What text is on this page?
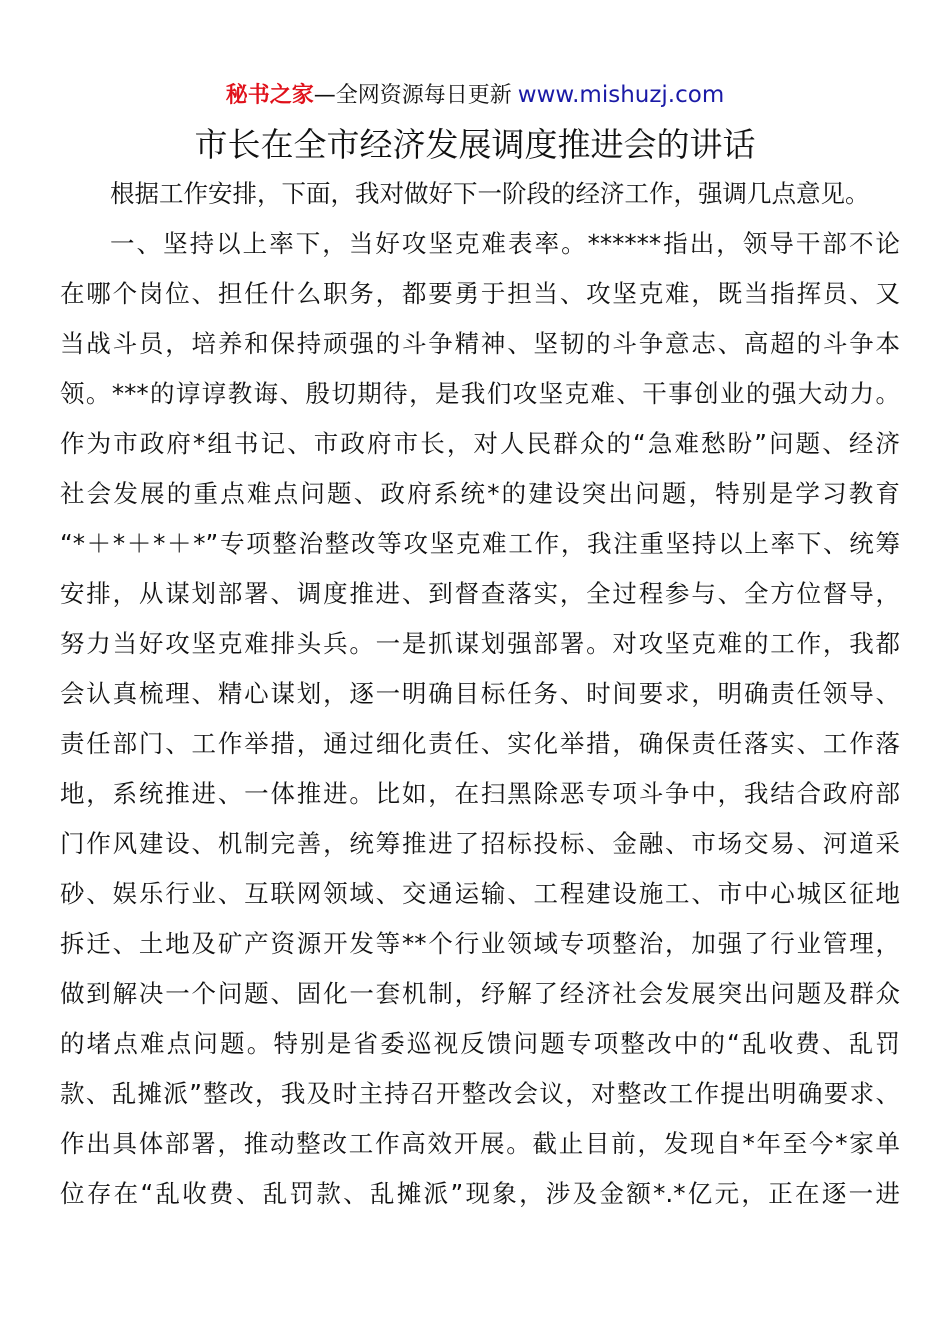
秘书之家—全网资源每日更新 www.mishuzj.com
市长在全市经济发展调度推进会的讲话
根据工作安排，下面，我对做好下一阶段的经济工作，强调几点意见。
一、坚持以上率下，当好攻坚克难表率。******指出，领导干部不论
在哪个岗位、担任什么职务，都要勇于担当、攻坚克难，既当指挥员、又
当战斗员，培养和保持顽强的斗争精神、坚韧的斗争意志、高超的斗争本
领。***的谆谆教诲、殷切期待，是我们攻坚克难、干事创业的强大动力。
作为市政府*组书记、市政府市长，对人民群众的“急难愁盼”问题、经济
社会发展的重点难点问题、政府系统*的建设突出问题，特别是学习教育
“*＋*＋*＋*”专项整治整改等攻坚克难工作，我注重坚持以上率下、统筹
安排，从谋划部署、调度推进、到督查落实，全过程参与、全方位督导，
努力当好攻坚克难排头兵。一是抓谋划强部署。对攻坚克难的工作，我都
会认真梳理、精心谋划，逐一明确目标任务、时间要求，明确责任领导、
责任部门、工作举措，通过细化责任、实化举措，确保责任落实、工作落
地，系统推进、一体推进。比如，在扫黑除恶专项斗争中，我结合政府部
门作风建设、机制完善，统筹推进了招标投标、金融、市场交易、河道采
砂、娱乐行业、互联网领域、交通运输、工程建设施工、市中心城区征地
拆迁、土地及矿产资源开发等**个行业领域专项整治，加强了行业管理，
做到解决一个问题、固化一套机制，纾解了经济社会发展突出问题及群众
的堵点难点问题。特别是省委巡视反馈问题专项整改中的“乱收费、乱罚
款、乱摊派”整改，我及时主持召开整改会议，对整改工作提出明确要求、
作出具体部署，推动整改工作高效开展。截止目前，发现自*年至今*家单
位存在“乱收费、乱罚款、乱摊派”现象，涉及金额*.*亿元，正在逐一进
